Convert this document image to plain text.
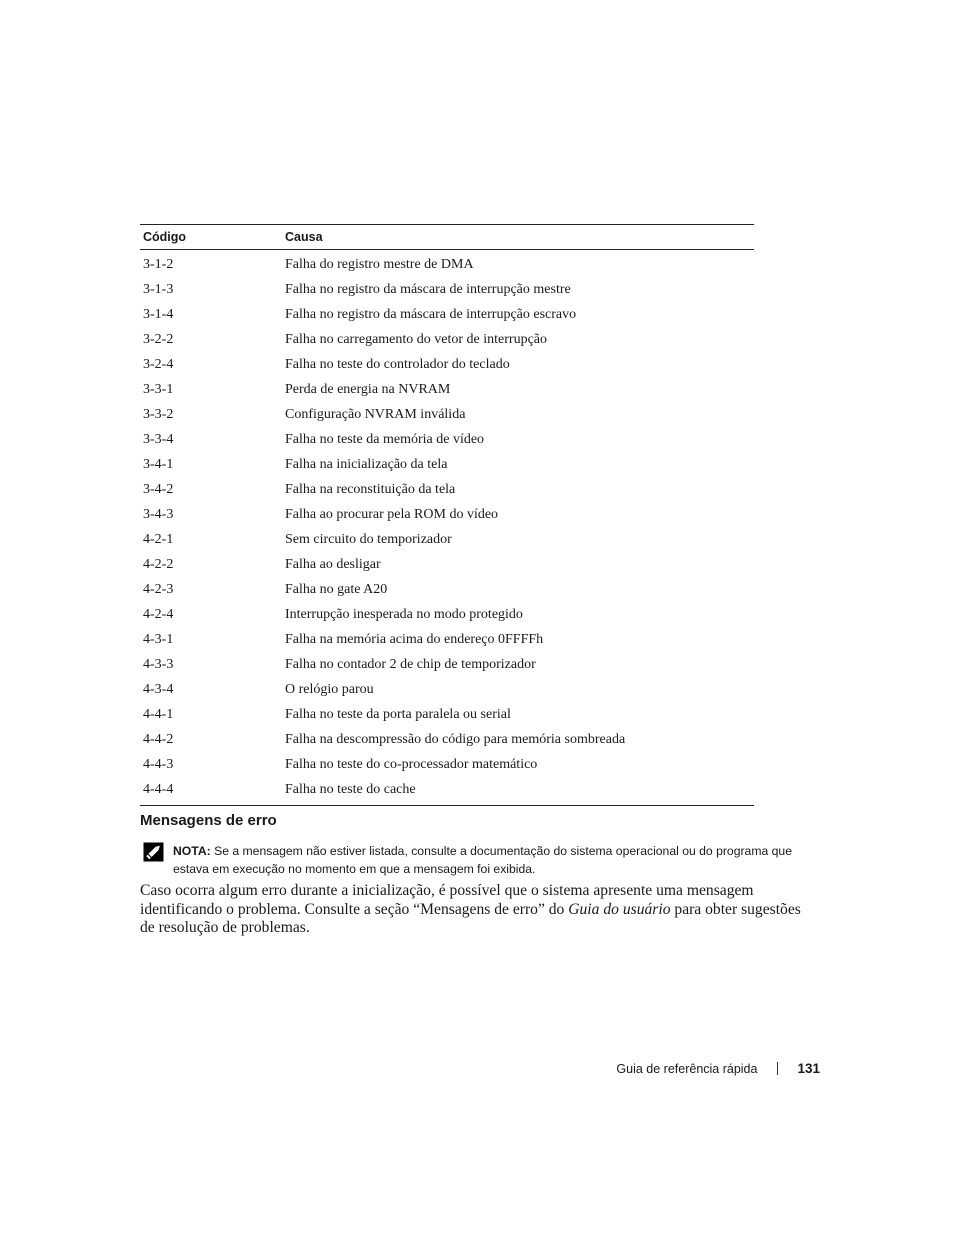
Código	Causa
3-1-2	Falha do registro mestre de DMA
3-1-3	Falha no registro da máscara de interrupção mestre
3-1-4	Falha no registro da máscara de interrupção escravo
3-2-2	Falha no carregamento do vetor de interrupção
3-2-4	Falha no teste do controlador do teclado
3-3-1	Perda de energia na NVRAM
3-3-2	Configuração NVRAM inválida
3-3-4	Falha no teste da memória de vídeo
3-4-1	Falha na inicialização da tela
3-4-2	Falha na reconstituição da tela
3-4-3	Falha ao procurar pela ROM do vídeo
4-2-1	Sem circuito do temporizador
4-2-2	Falha ao desligar
4-2-3	Falha no gate A20
4-2-4	Interrupção inesperada no modo protegido
4-3-1	Falha na memória acima do endereço 0FFFFh
4-3-3	Falha no contador 2 de chip de temporizador
4-3-4	O relógio parou
4-4-1	Falha no teste da porta paralela ou serial
4-4-2	Falha na descompressão do código para memória sombreada
4-4-3	Falha no teste do co-processador matemático
4-4-4	Falha no teste do cache
Mensagens de erro
NOTA: Se a mensagem não estiver listada, consulte a documentação do sistema operacional ou do programa que estava em execução no momento em que a mensagem foi exibida.

Caso ocorra algum erro durante a inicialização, é possível que o sistema apresente uma mensagem identificando o problema. Consulte a seção “Mensagens de erro” do Guia do usuário para obter sugestões de resolução de problemas.

Guia de referência rápida	131
